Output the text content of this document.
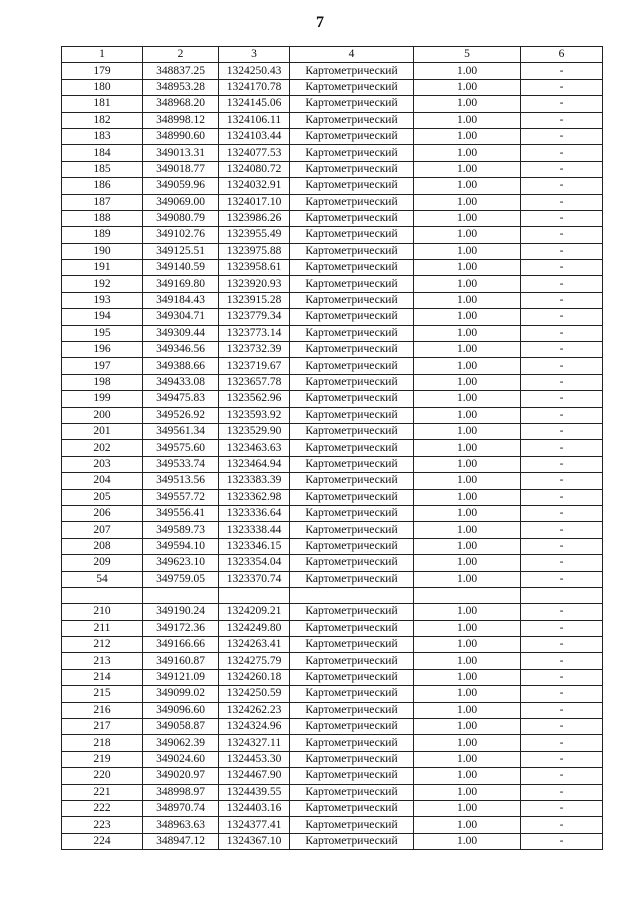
7
1	2	3	4	5	6
179	348837.25	1324250.43	Картометрический	1.00	-
180	348953.28	1324170.78	Картометрический	1.00	-
181	348968.20	1324145.06	Картометрический	1.00	-
182	348998.12	1324106.11	Картометрический	1.00	-
183	348990.60	1324103.44	Картометрический	1.00	-
184	349013.31	1324077.53	Картометрический	1.00	-
185	349018.77	1324080.72	Картометрический	1.00	-
186	349059.96	1324032.91	Картометрический	1.00	-
187	349069.00	1324017.10	Картометрический	1.00	-
188	349080.79	1323986.26	Картометрический	1.00	-
189	349102.76	1323955.49	Картометрический	1.00	-
190	349125.51	1323975.88	Картометрический	1.00	-
191	349140.59	1323958.61	Картометрический	1.00	-
192	349169.80	1323920.93	Картометрический	1.00	-
193	349184.43	1323915.28	Картометрический	1.00	-
194	349304.71	1323779.34	Картометрический	1.00	-
195	349309.44	1323773.14	Картометрический	1.00	-
196	349346.56	1323732.39	Картометрический	1.00	-
197	349388.66	1323719.67	Картометрический	1.00	-
198	349433.08	1323657.78	Картометрический	1.00	-
199	349475.83	1323562.96	Картометрический	1.00	-
200	349526.92	1323593.92	Картометрический	1.00	-
201	349561.34	1323529.90	Картометрический	1.00	-
202	349575.60	1323463.63	Картометрический	1.00	-
203	349533.74	1323464.94	Картометрический	1.00	-
204	349513.56	1323383.39	Картометрический	1.00	-
205	349557.72	1323362.98	Картометрический	1.00	-
206	349556.41	1323336.64	Картометрический	1.00	-
207	349589.73	1323338.44	Картометрический	1.00	-
208	349594.10	1323346.15	Картометрический	1.00	-
209	349623.10	1323354.04	Картометрический	1.00	-
54	349759.05	1323370.74	Картометрический	1.00	-

210	349190.24	1324209.21	Картометрический	1.00	-
211	349172.36	1324249.80	Картометрический	1.00	-
212	349166.66	1324263.41	Картометрический	1.00	-
213	349160.87	1324275.79	Картометрический	1.00	-
214	349121.09	1324260.18	Картометрический	1.00	-
215	349099.02	1324250.59	Картометрический	1.00	-
216	349096.60	1324262.23	Картометрический	1.00	-
217	349058.87	1324324.96	Картометрический	1.00	-
218	349062.39	1324327.11	Картометрический	1.00	-
219	349024.60	1324453.30	Картометрический	1.00	-
220	349020.97	1324467.90	Картометрический	1.00	-
221	348998.97	1324439.55	Картометрический	1.00	-
222	348970.74	1324403.16	Картометрический	1.00	-
223	348963.63	1324377.41	Картометрический	1.00	-
224	348947.12	1324367.10	Картометрический	1.00	-
